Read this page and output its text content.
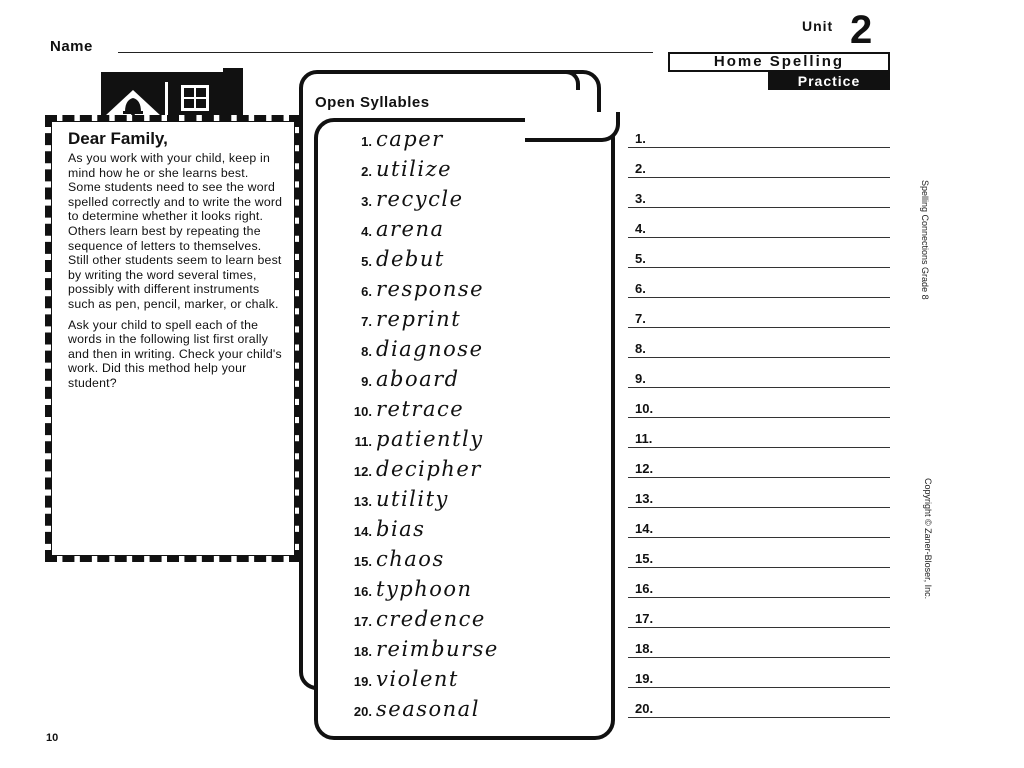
Name
Unit 2
Home Spelling
Practice
Dear Family,

As you work with your child, keep in mind how he or she learns best. Some students need to see the word spelled correctly and to write the word to determine whether it looks right. Others learn best by repeating the sequence of letters to themselves. Still other students seem to learn best by writing the word several times, possibly with different instruments such as pen, pencil, marker, or chalk.

Ask your child to spell each of the words in the following list first orally and then in writing. Check your child's work. Did this method help your student?

Open Syllables
1. caper
2. utilize
3. recycle
4. arena
5. debut
6. response
7. reprint
8. diagnose
9. aboard
10. retrace
11. patiently
12. decipher
13. utility
14. bias
15. chaos
16. typhoon
17. credence
18. reimburse
19. violent
20. seasonal
1.
2.
3.
4.
5.
6.
7.
8.
9.
10.
11.
12.
13.
14.
15.
16.
17.
18.
19.
20.
Spelling Connections Grade 8
Copyright © Zaner-Bloser, Inc.
10
